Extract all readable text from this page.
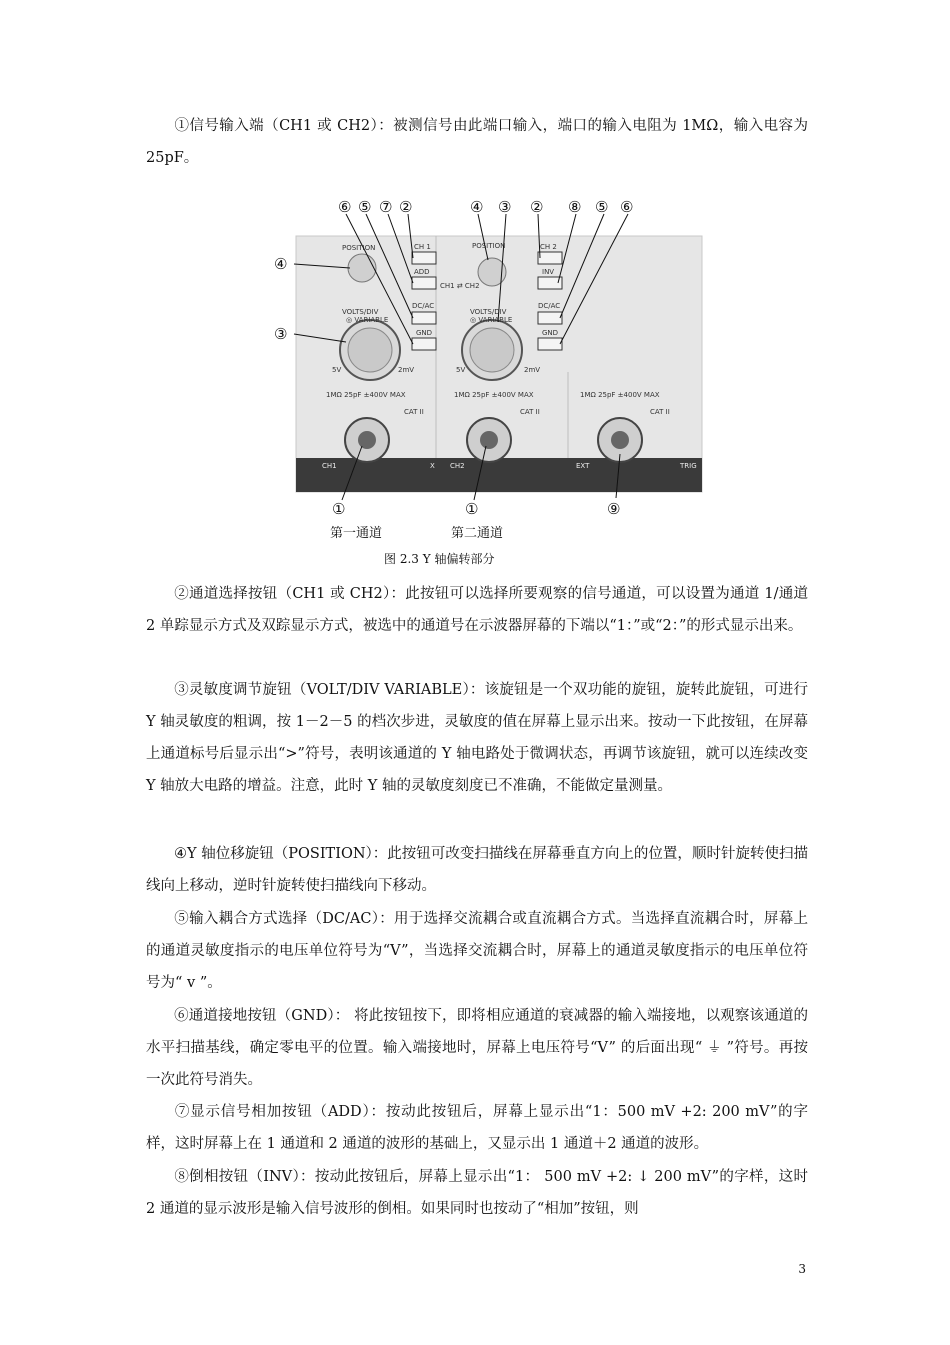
①信号输入端（CH1 或 CH2）：被测信号由此端口输入，端口的输入电阻为 1MΩ，输入电容为 25pF。

POSITION	POSITION
VOLTS/DIV	VOLTS/DIV
◎ VARIABLE	◎ VARIABLE
5V	2mV	5V	2mV
1MΩ 25pF ±400V MAX	1MΩ 25pF ±400V MAX	1MΩ 25pF ±400V MAX
CAT II	CAT II	CAT II
CH1 ⇄ CH2
CH 1
ADD
DC/AC
GND
CH 2
INV
DC/AC
GND
CH1	X CH2	EXT	TRIG
⑥ ⑤ ⑦ ②	④ ③ ② ⑧ ⑤ ⑥
④
③
①	①	⑨
第一通道	第二通道
图 2.3 Y 轴偏转部分

②通道选择按钮（CH1 或 CH2）：此按钮可以选择所要观察的信号通道，可以设置为通道 1/通道 2 单踪显示方式及双踪显示方式，被选中的通道号在示波器屏幕的下端以“1：”或“2：”的形式显示出来。

③灵敏度调节旋钮（VOLT/DIV VARIABLE）：该旋钮是一个双功能的旋钮，旋转此旋钮，可进行 Y 轴灵敏度的粗调，按 1－2－5 的档次步进，灵敏度的值在屏幕上显示出来。按动一下此按钮，在屏幕上通道标号后显示出“>”符号，表明该通道的 Y 轴电路处于微调状态，再调节该旋钮，就可以连续改变 Y 轴放大电路的增益。注意，此时 Y 轴的灵敏度刻度已不准确，不能做定量测量。

④Y 轴位移旋钮（POSITION）：此按钮可改变扫描线在屏幕垂直方向上的位置，顺时针旋转使扫描线向上移动，逆时针旋转使扫描线向下移动。

⑤输入耦合方式选择（DC/AC）：用于选择交流耦合或直流耦合方式。当选择直流耦合时，屏幕上的通道灵敏度指示的电压单位符号为“V”，当选择交流耦合时，屏幕上的通道灵敏度指示的电压单位符号为“ v ”。

⑥通道接地按钮（GND）： 将此按钮按下，即将相应通道的衰减器的输入端接地，以观察该通道的水平扫描基线，确定零电平的位置。输入端接地时，屏幕上电压符号“V” 的后面出现“ ⏚ ”符号。再按一次此符号消失。

⑦显示信号相加按钮（ADD）：按动此按钮后，屏幕上显示出“1：500 mV +2: 200 mV”的字样，这时屏幕上在 1 通道和 2 通道的波形的基础上，又显示出 1 通道＋2 通道的波形。

⑧倒相按钮（INV）：按动此按钮后，屏幕上显示出“1： 500 mV +2: ↓ 200 mV”的字样，这时 2 通道的显示波形是输入信号波形的倒相。如果同时也按动了“相加”按钮，则

3
